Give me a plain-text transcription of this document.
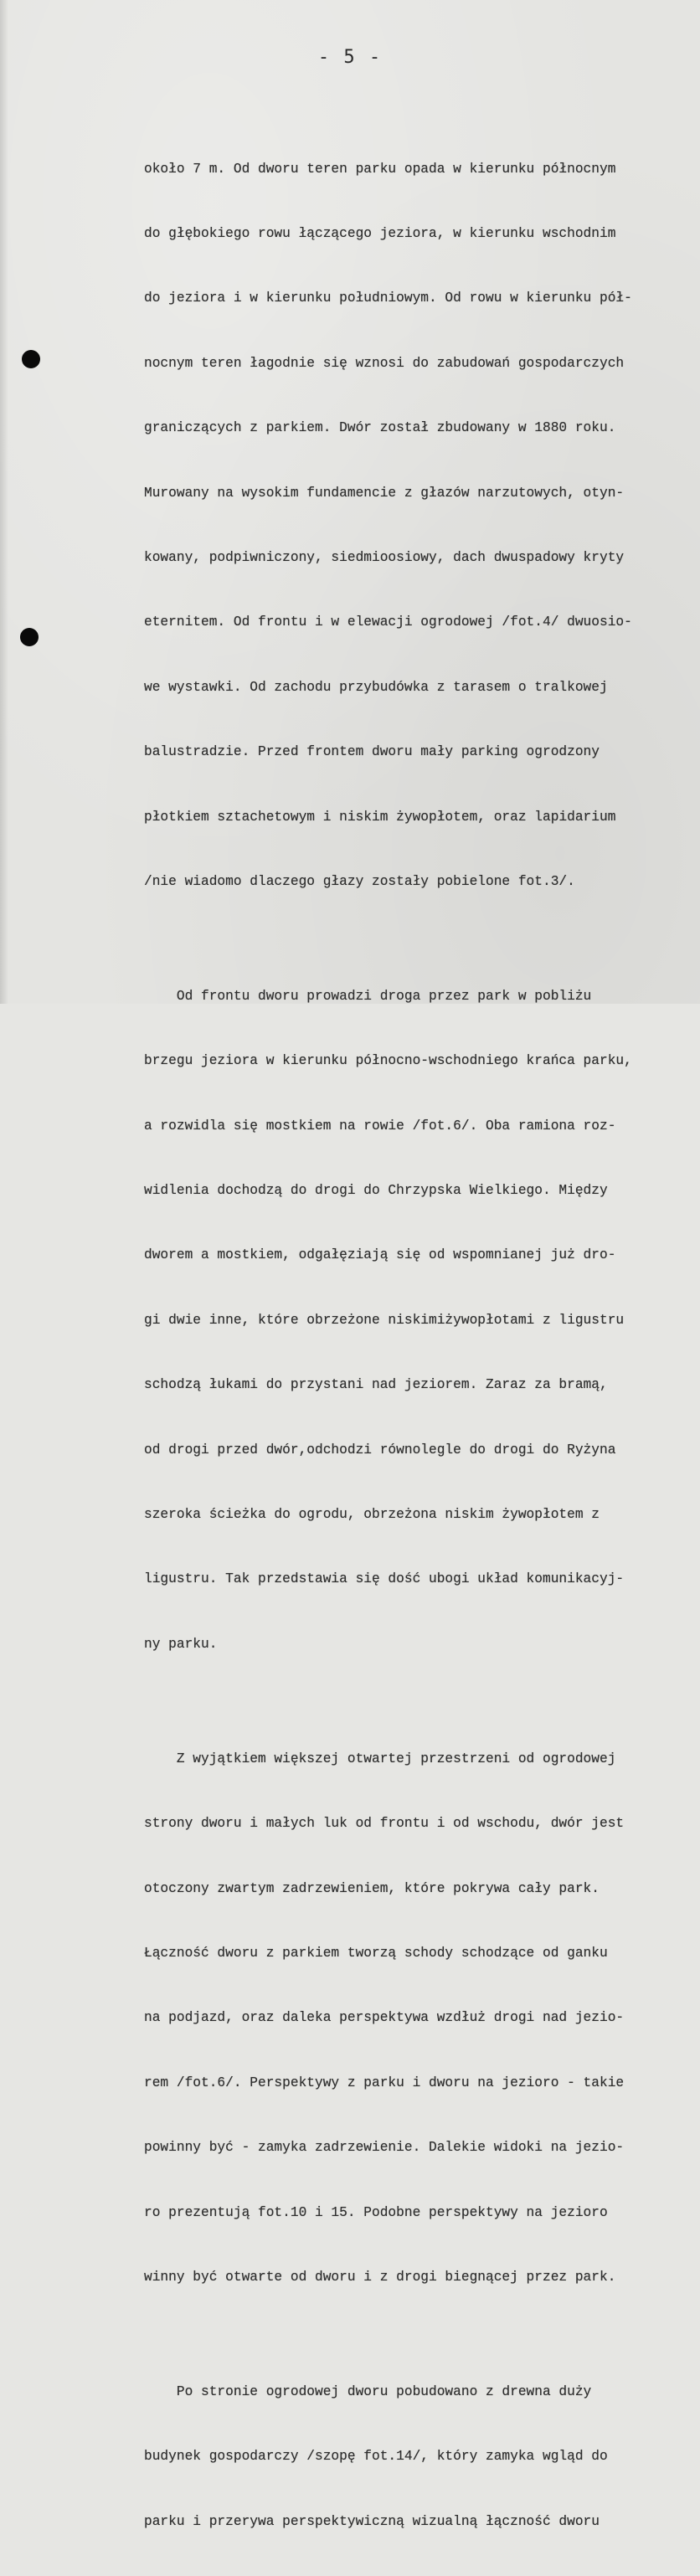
- 5 -

około 7 m. Od dworu teren parku opada w kierunku północnym

do głębokiego rowu łączącego jeziora, w kierunku wschodnim

do jeziora i w kierunku południowym. Od rowu w kierunku pół-

nocnym teren łagodnie się wznosi do zabudowań gospodarczych

graniczących z parkiem. Dwór został zbudowany w 1880 roku.

Murowany na wysokim fundamencie z głazów narzutowych, otyn-

kowany, podpiwniczony, siedmioosiowy, dach dwuspadowy kryty

eternitem. Od frontu i w elewacji ogrodowej /fot.4/ dwuosio-

we wystawki. Od zachodu przybudówka z tarasem o tralkowej

balustradzie. Przed frontem dworu mały parking ogrodzony

płotkiem sztachetowym i niskim żywopłotem, oraz lapidarium

/nie wiadomo dlaczego głazy zostały pobielone fot.3/.

Od frontu dworu prowadzi droga przez park w pobliżu

brzegu jeziora w kierunku północno-wschodniego krańca parku,

a rozwidla się mostkiem na rowie /fot.6/. Oba ramiona roz-

widlenia dochodzą do drogi do Chrzypska Wielkiego. Między

dworem a mostkiem, odgałęziają się od wspomnianej już dro-

gi dwie inne, które obrzeżone niskimiżywopłotami z ligustru

schodzą łukami do przystani nad jeziorem. Zaraz za bramą,

od drogi przed dwór,odchodzi równolegle do drogi do Ryżyna

szeroka ścieżka do ogrodu, obrzeżona niskim żywopłotem z

ligustru. Tak przedstawia się dość ubogi układ komunikacyj-

ny parku.

Z wyjątkiem większej otwartej przestrzeni od ogrodowej

strony dworu i małych luk od frontu i od wschodu, dwór jest

otoczony zwartym zadrzewieniem, które pokrywa cały park.

Łączność dworu z parkiem tworzą schody schodzące od ganku

na podjazd, oraz daleka perspektywa wzdłuż drogi nad jezio-

rem /fot.6/. Perspektywy z parku i dworu na jezioro - takie

powinny być - zamyka zadrzewienie. Dalekie widoki na jezio-

ro prezentują fot.10 i 15. Podobne perspektywy na jezioro

winny być otwarte od dworu i z drogi biegnącej przez park.

Po stronie ogrodowej dworu pobudowano z drewna duży

budynek gospodarczy /szopę fot.14/, który zamyka wgląd do

parku i przerywa perspektywiczną wizualną łączność dworu
